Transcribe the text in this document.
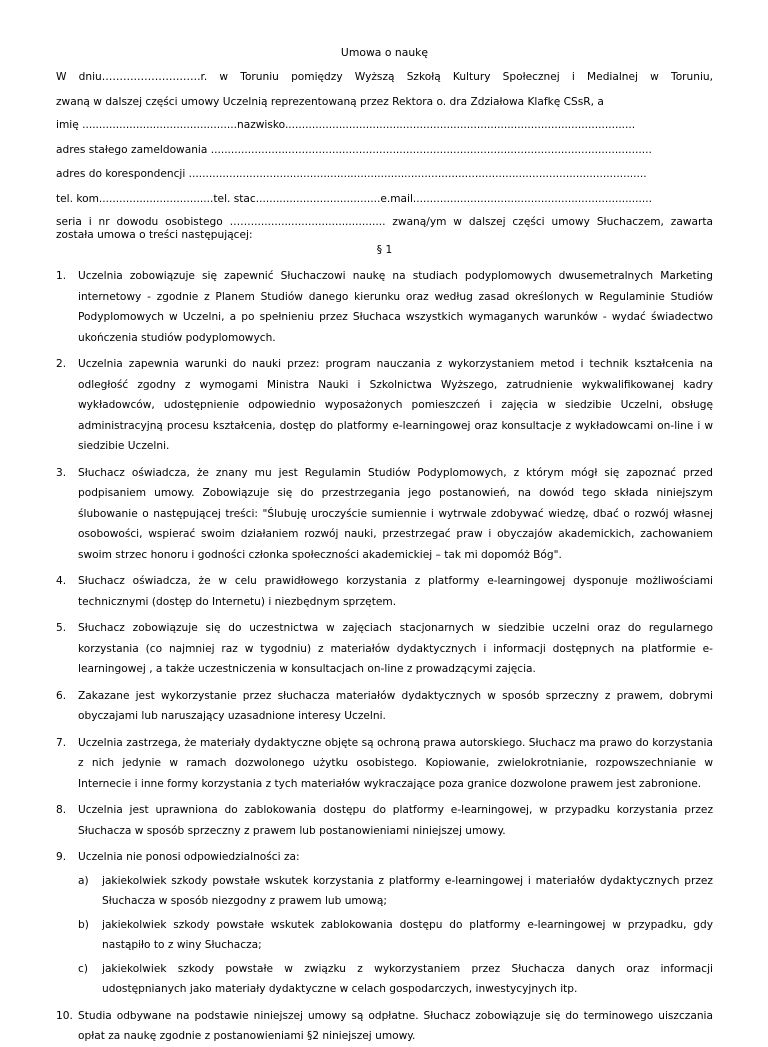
Umowa o naukę
W dniu……………………….r. w Toruniu pomiędzy Wyższą Szkołą Kultury Społecznej i Medialnej w Toruniu,
zwaną w dalszej części umowy Uczelnią reprezentowaną przez Rektora o. dra Zdziałowa Klafkę CSsR, a
imię ..............................................nazwisko........................................................................................................
adres stałego zameldowania ...................................................................................................................................
adres do korespondencji ........................................................................................................................................
tel. kom..................................tel. stac.....................................e.mail.......................................................................
seria i nr dowodu osobistego ……........................................ zwaną/ym w dalszej części umowy Słuchaczem, zawarta
została umowa o treści następującej:
§ 1
1. Uczelnia zobowiązuje się zapewnić Słuchaczowi naukę na studiach podyplomowych dwusemetralnych Marketing internetowy - zgodnie z Planem Studiów danego kierunku oraz według zasad określonych w Regulaminie Studiów Podyplomowych w Uczelni, a po spełnieniu przez Słuchaca wszystkich wymaganych warunków - wydać świadectwo ukończenia studiów podyplomowych.
2. Uczelnia zapewnia warunki do nauki przez: program nauczania z wykorzystaniem metod i technik kształcenia na odległość zgodny z wymogami Ministra Nauki i Szkolnictwa Wyższego, zatrudnienie wykwalifikowanej kadry wykładowców, udostępnienie odpowiednio wyposażonych pomieszczeń i zajęcia w siedzibie Uczelni, obsługę administracyjną procesu kształcenia, dostęp do platformy e-learningowej oraz konsultacje z wykładowcami on-line i w siedzibie Uczelni.
3. Słuchacz oświadcza, że znany mu jest Regulamin Studiów Podyplomowych, z którym mógł się zapoznać przed podpisaniem umowy. Zobowiązuje się do przestrzegania jego postanowień, na dowód tego składa niniejszym ślubowanie o następującej treści: "Ślubuję uroczyście sumiennie i wytrwale zdobywać wiedzę, dbać o rozwój własnej osobowości, wspierać swoim działaniem rozwój nauki, przestrzegać praw i obyczajów akademickich, zachowaniem swoim strzec honoru i godności członka społeczności akademickiej – tak mi dopomóż Bóg".
4. Słuchacz oświadcza, że w celu prawidłowego korzystania z platformy e-learningowej dysponuje możliwościami technicznymi (dostęp do Internetu) i niezbędnym sprzętem.
5. Słuchacz zobowiązuje się do uczestnictwa w zajęciach stacjonarnych w siedzibie uczelni oraz do regularnego korzystania (co najmniej raz w tygodniu) z materiałów dydaktycznych i informacji dostępnych na platformie e-learningowej , a także uczestniczenia w konsultacjach on-line z prowadzącymi zajęcia.
6. Zakazane jest wykorzystanie przez słuchacza materiałów dydaktycznych w sposób sprzeczny z prawem, dobrymi obyczajami lub naruszający uzasadnione interesy Uczelni.
7. Uczelnia zastrzega, że materiały dydaktyczne objęte są ochroną prawa autorskiego. Słuchacz ma prawo do korzystania z nich jedynie w ramach dozwolonego użytku osobistego. Kopiowanie, zwielokrotnianie, rozpowszechnianie w Internecie i inne formy korzystania z tych materiałów wykraczające poza granice dozwolone prawem jest zabronione.
8. Uczelnia jest uprawniona do zablokowania dostępu do platformy e-learningowej, w przypadku korzystania przez Słuchacza w sposób sprzeczny z prawem lub postanowieniami niniejszej umowy.
9. Uczelnia nie ponosi odpowiedzialności za:
a) jakiekolwiek szkody powstałe wskutek korzystania z platformy e-learningowej i materiałów dydaktycznych przez Słuchacza w sposób niezgodny z prawem lub umową;
b) jakiekolwiek szkody powstałe wskutek zablokowania dostępu do platformy e-learningowej w przypadku, gdy nastąpiło to z winy Słuchacza;
c) jakiekolwiek szkody powstałe w związku z wykorzystaniem przez Słuchacza danych oraz informacji udostępnianych jako materiały dydaktyczne w celach gospodarczych, inwestycyjnych itp.
10. Studia odbywane na podstawie niniejszej umowy są odpłatne. Słuchacz zobowiązuje się do terminowego uiszczania opłat za naukę zgodnie z postanowieniami §2 niniejszej umowy.
